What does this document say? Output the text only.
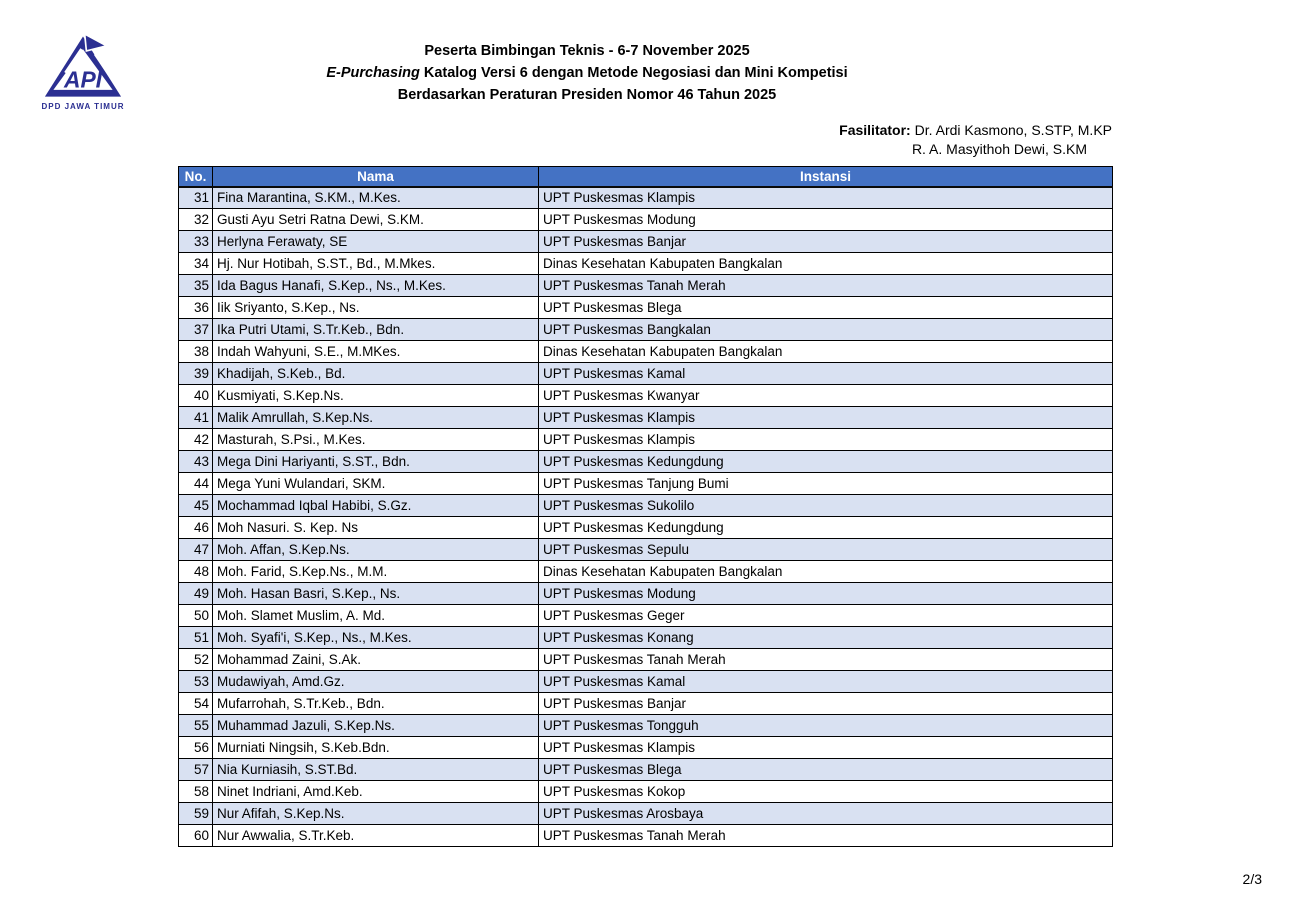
API
DPD JAWA TIMUR
Peserta Bimbingan Teknis - 6-7 November 2025
E-Purchasing Katalog Versi 6 dengan Metode Negosiasi dan Mini Kompetisi
Berdasarkan Peraturan Presiden Nomor 46 Tahun 2025
Fasilitator: Dr. Ardi Kasmono, S.STP, M.KP
R. A. Masyithoh Dewi, S.KM
No.	Nama	Instansi
31	Fina Marantina, S.KM., M.Kes.	UPT Puskesmas Klampis
32	Gusti Ayu Setri Ratna Dewi, S.KM.	UPT Puskesmas Modung
33	Herlyna Ferawaty, SE	UPT Puskesmas Banjar
34	Hj. Nur Hotibah, S.ST., Bd., M.Mkes.	Dinas Kesehatan Kabupaten Bangkalan
35	Ida Bagus Hanafi, S.Kep., Ns., M.Kes.	UPT Puskesmas Tanah Merah
36	Iik Sriyanto, S.Kep., Ns.	UPT Puskesmas Blega
37	Ika Putri Utami, S.Tr.Keb., Bdn.	UPT Puskesmas Bangkalan
38	Indah Wahyuni, S.E., M.MKes.	Dinas Kesehatan Kabupaten Bangkalan
39	Khadijah, S.Keb., Bd.	UPT Puskesmas Kamal
40	Kusmiyati, S.Kep.Ns.	UPT Puskesmas Kwanyar
41	Malik Amrullah, S.Kep.Ns.	UPT Puskesmas Klampis
42	Masturah, S.Psi., M.Kes.	UPT Puskesmas Klampis
43	Mega Dini Hariyanti, S.ST., Bdn.	UPT Puskesmas Kedungdung
44	Mega Yuni Wulandari, SKM.	UPT Puskesmas Tanjung Bumi
45	Mochammad Iqbal Habibi, S.Gz.	UPT Puskesmas Sukolilo
46	Moh Nasuri. S. Kep. Ns	UPT Puskesmas Kedungdung
47	Moh. Affan, S.Kep.Ns.	UPT Puskesmas Sepulu
48	Moh. Farid, S.Kep.Ns., M.M.	Dinas Kesehatan Kabupaten Bangkalan
49	Moh. Hasan Basri, S.Kep., Ns.	UPT Puskesmas Modung
50	Moh. Slamet Muslim, A. Md.	UPT Puskesmas Geger
51	Moh. Syafi'i, S.Kep., Ns., M.Kes.	UPT Puskesmas Konang
52	Mohammad Zaini, S.Ak.	UPT Puskesmas Tanah Merah
53	Mudawiyah, Amd.Gz.	UPT Puskesmas Kamal
54	Mufarrohah, S.Tr.Keb., Bdn.	UPT Puskesmas Banjar
55	Muhammad Jazuli, S.Kep.Ns.	UPT Puskesmas Tongguh
56	Murniati Ningsih, S.Keb.Bdn.	UPT Puskesmas Klampis
57	Nia Kurniasih, S.ST.Bd.	UPT Puskesmas Blega
58	Ninet Indriani, Amd.Keb.	UPT Puskesmas Kokop
59	Nur Afifah, S.Kep.Ns.	UPT Puskesmas Arosbaya
60	Nur Awwalia, S.Tr.Keb.	UPT Puskesmas Tanah Merah
2/3
